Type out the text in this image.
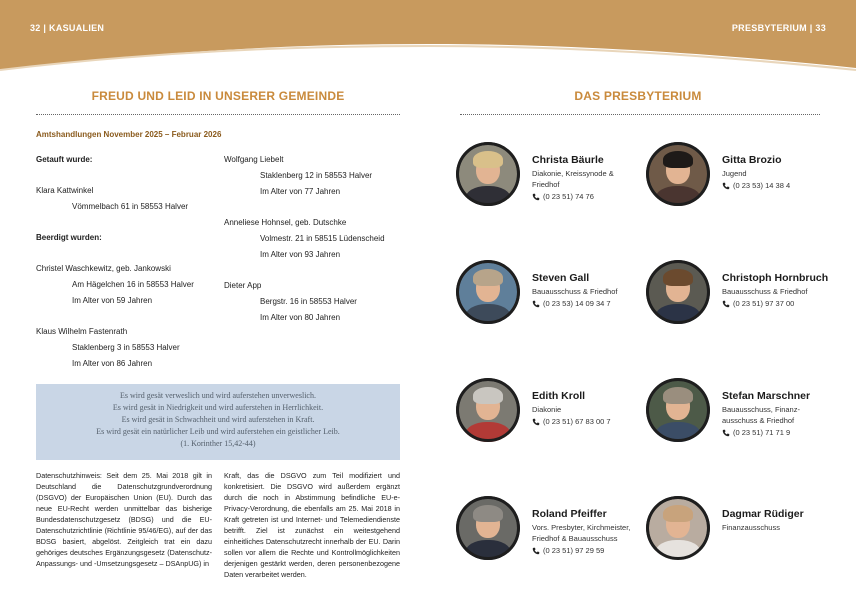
32 | KASUALIEN	PRESBYTERIUM | 33
FREUD UND LEID IN UNSERER GEMEINDE
Amtshandlungen November 2025 – Februar 2026
Getauft wurde:
Klara Kattwinkel
Vömmelbach 61 in 58553 Halver
Beerdigt wurden:
Christel Waschkewitz, geb. Jankowski
Am Hägelchen 16 in 58553 Halver
Im Alter von 59 Jahren
Klaus Wilhelm Fastenrath
Staklenberg 3 in 58553 Halver
Im Alter von 86 Jahren
Wolfgang Liebelt
Staklenberg 12 in 58553 Halver
Im Alter von 77 Jahren
Anneliese Hohnsel, geb. Dutschke
Volmestr. 21 in 58515 Lüdenscheid
Im Alter von 93 Jahren
Dieter App
Bergstr. 16 in 58553 Halver
Im Alter von 80 Jahren
Es wird gesät verweslich und wird auferstehen unverweslich.
Es wird gesät in Niedrigkeit und wird auferstehen in Herrlichkeit.
Es wird gesät in Schwachheit und wird auferstehen in Kraft.
Es wird gesät ein natürlicher Leib und wird auferstehen ein geistlicher Leib.
(1. Korinther 15,42-44)
Datenschutzhinweis: Seit dem 25. Mai 2018 gilt in Deutschland die Datenschutzgrundverordnung (DSGVO) der Europäischen Union (EU). Durch das neue EU-Recht werden unmittelbar das bisherige Bundesdatenschutzgesetz (BDSG) und die EU-Datenschutzrichtlinie (Richtlinie 95/46/EG), auf der das BDSG basiert, abgelöst. Zeitgleich trat ein dazu gehöriges deutsches Ergänzungsgesetz (Datenschutz-Anpassungs- und -Umsetzungsgesetz – DSAnpUG) in
Kraft, das die DSGVO zum Teil modifiziert und konkretisiert. Die DSGVO wird außerdem ergänzt durch die noch in Abstimmung befindliche EU-e-Privacy-Verordnung, die ebenfalls am 25. Mai 2018 in Kraft getreten ist und Internet- und Telemediendienste betrifft. Ziel ist zunächst ein weitestgehend einheitliches Datenschutzrecht innerhalb der EU. Darin sollen vor allem die Rechte und Kontrollmöglichkeiten derjenigen gestärkt werden, deren personenbezogene Daten verarbeitet werden.
DAS PRESBYTERIUM
Christa Bäurle
Diakonie, Kreissynode &
Friedhof
(0 23 51) 74 76
Gitta Brozio
Jugend
(0 23 53) 14 38 4
Steven Gall
Bauausschuss & Friedhof
(0 23 53) 14 09 34 7
Christoph Hornbruch
Bauausschuss & Friedhof
(0 23 51) 97 37 00
Edith Kroll
Diakonie
(0 23 51) 67 83 00 7
Stefan Marschner
Bauausschuss, Finanz-
ausschuss & Friedhof
(0 23 51) 71 71 9
Roland Pfeiffer
Vors. Presbyter, Kirchmeister,
Friedhof & Bauausschuss
(0 23 51) 97 29 59
Dagmar Rüdiger
Finanzausschuss
